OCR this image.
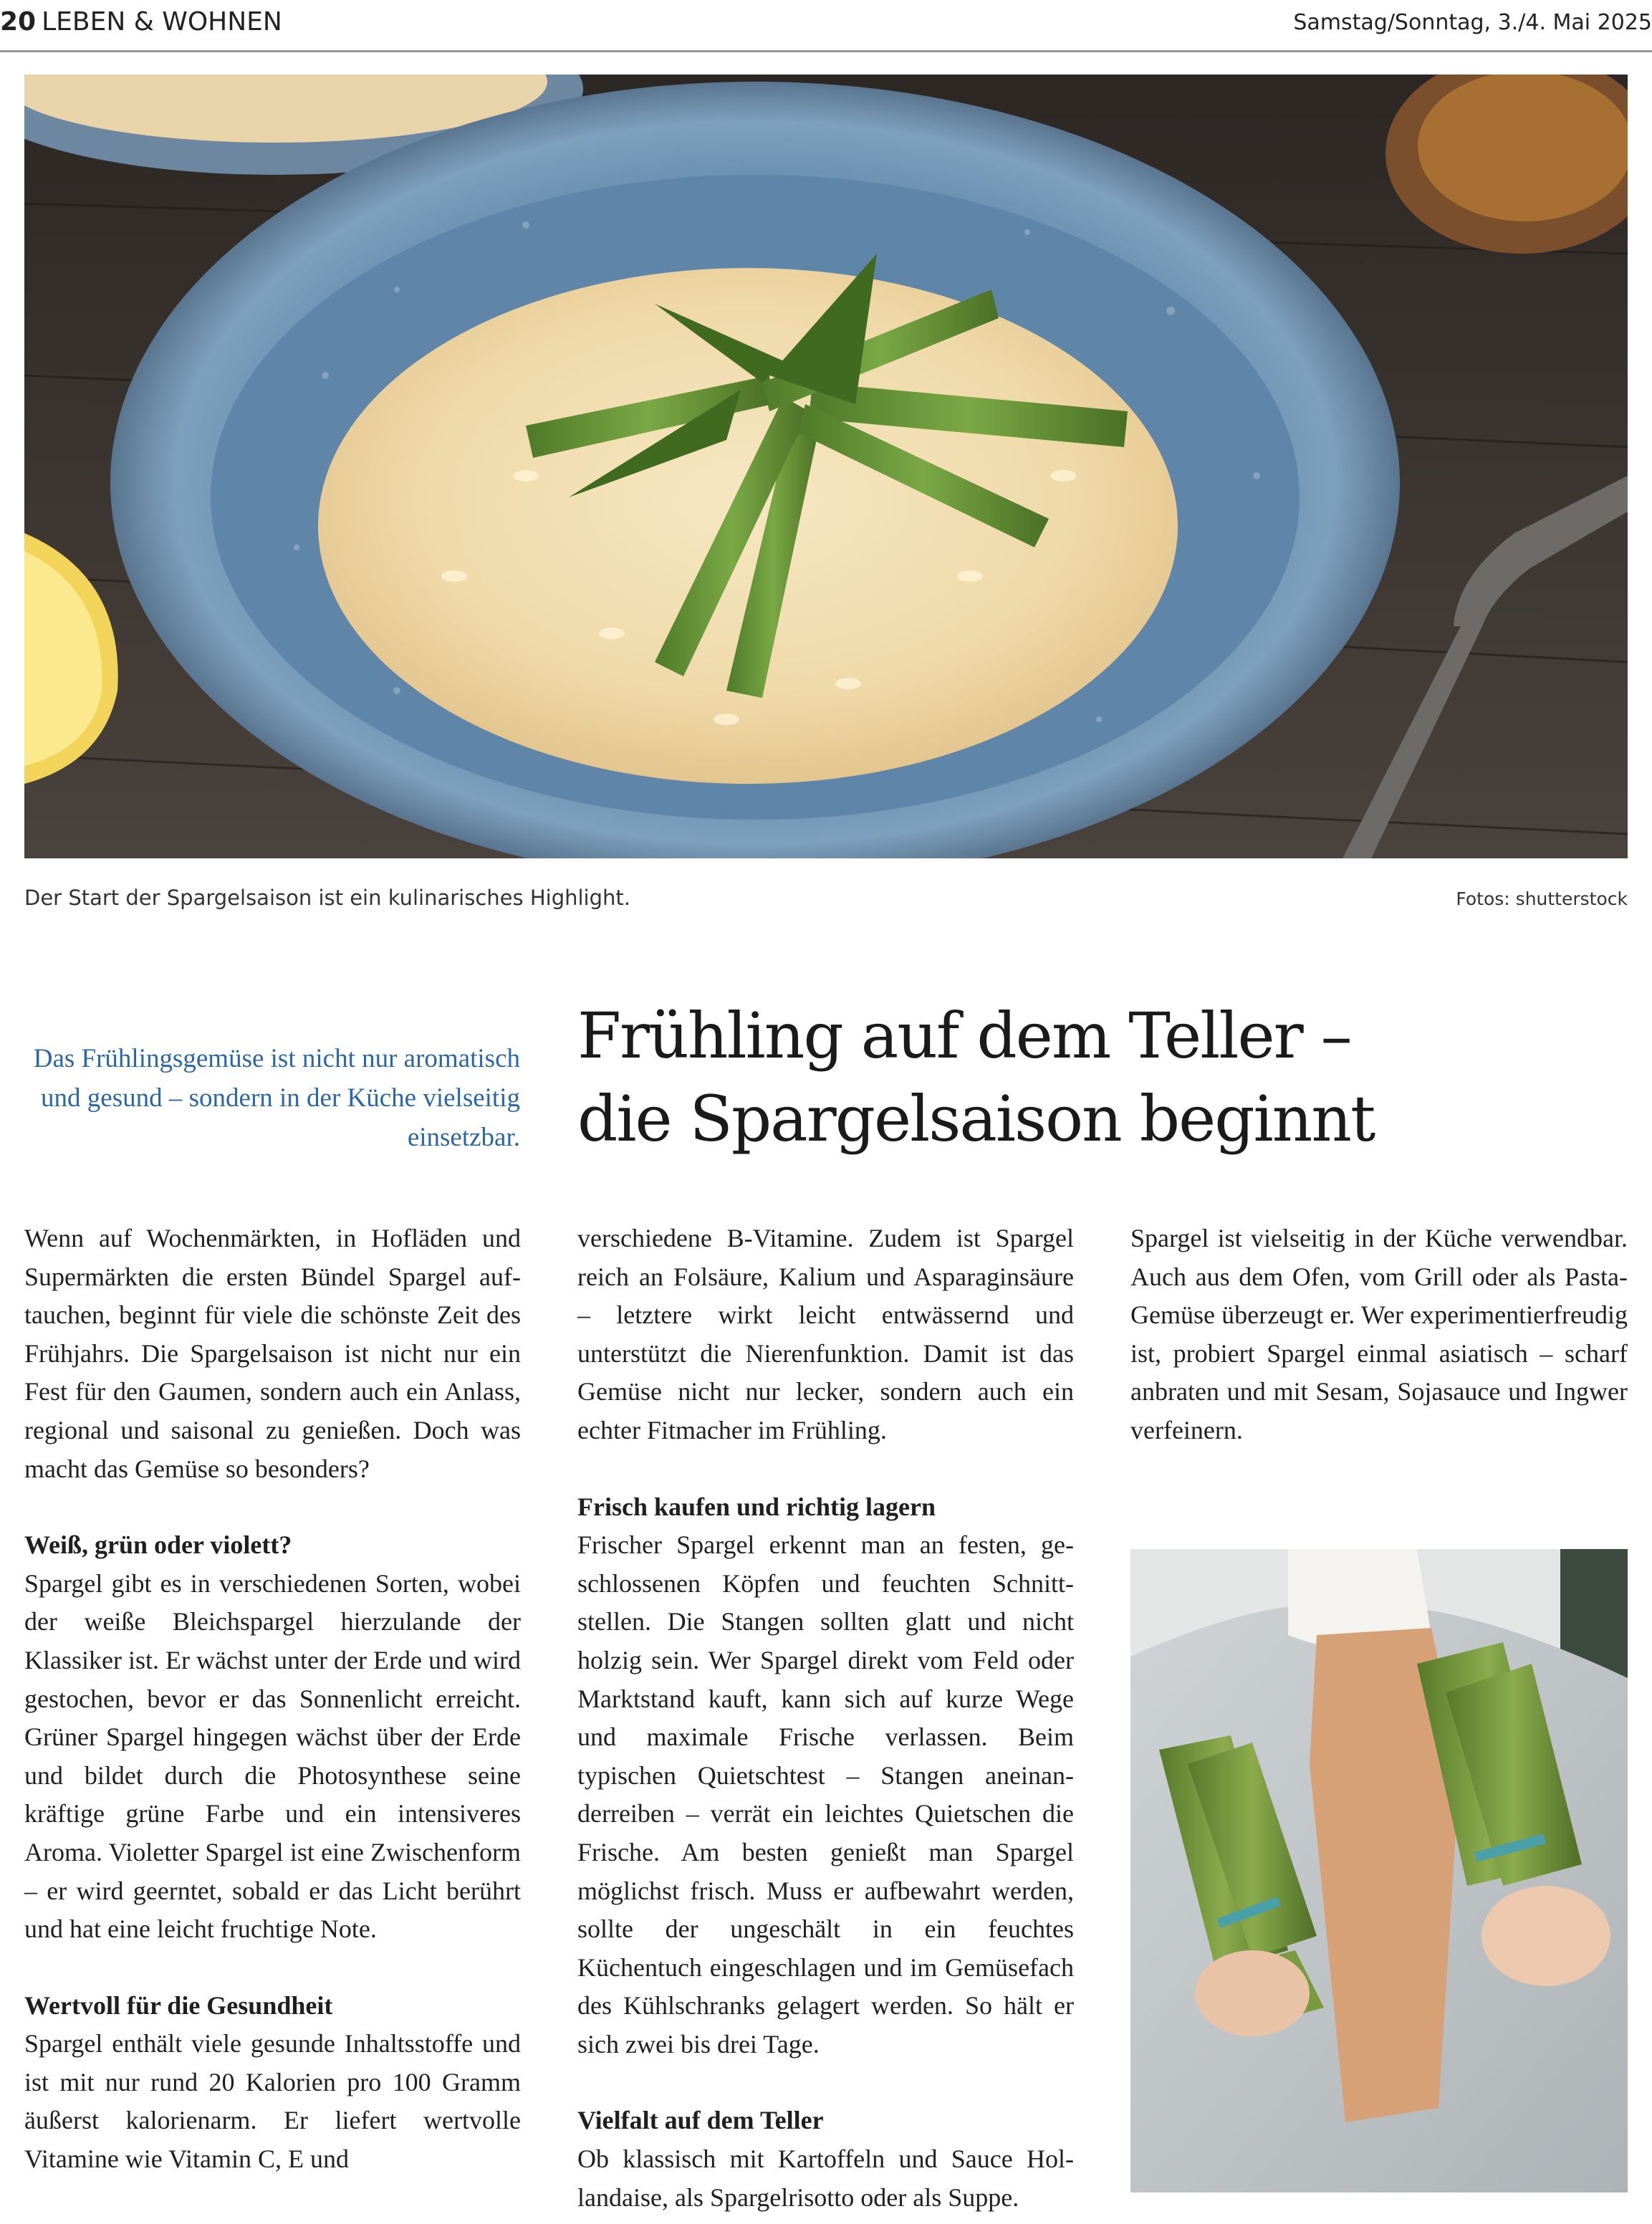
20 LEBEN & WOHNEN	Samstag/Sonntag, 3./4. Mai 2025
Der Start der Spargelsaison ist ein kulinarisches Highlight.	Fotos: shutterstock
Das Frühlingsgemüse ist nicht nur aromatisch und gesund – sondern in der Küche vielseitig einsetzbar.
Frühling auf dem Teller –
die Spargelsaison beginnt

Wenn auf Wochenmärkten, in Hofläden und Supermärkten die ersten Bündel Spargel auftauchen, beginnt für viele die schönste Zeit des Frühjahrs. Die Spargelsaison ist nicht nur ein Fest für den Gaumen, sondern auch ein Anlass, regional und saisonal zu genießen. Doch was macht das Gemüse so besonders?

Weiß, grün oder violett?

Spargel gibt es in verschiedenen Sorten, wobei der weiße Bleichspargel hierzulande der Klassiker ist. Er wächst unter der Erde und wird gestochen, bevor er das Sonnenlicht erreicht. Grüner Spargel hingegen wächst über der Erde und bildet durch die Photosynthese seine kräftige grüne Farbe und ein intensiveres Aroma. Violetter Spargel ist eine Zwischenform – er wird geerntet, sobald er das Licht berührt und hat eine leicht fruchtige Note.

Wertvoll für die Gesundheit

Spargel enthält viele gesunde Inhaltsstoffe und ist mit nur rund 20 Kalorien pro 100 Gramm äußerst kalorienarm. Er liefert wertvolle Vitamine wie Vitamin C, E und

verschiedene B-Vitamine. Zudem ist Spargel reich an Folsäure, Kalium und Asparaginsäure – letztere wirkt leicht entwässernd und unterstützt die Nierenfunktion. Damit ist das Gemüse nicht nur lecker, sondern auch ein echter Fitmacher im Frühling.

Frisch kaufen und richtig lagern

Frischer Spargel erkennt man an festen, geschlossenen Köpfen und feuchten Schnittstellen. Die Stangen sollten glatt und nicht holzig sein. Wer Spargel direkt vom Feld oder Marktstand kauft, kann sich auf kurze Wege und maximale Frische verlassen. Beim typischen Quietschtest – Stangen aneinanderreiben – verrät ein leichtes Quietschen die Frische. Am besten genießt man Spargel möglichst frisch. Muss er aufbewahrt werden, sollte der ungeschält in ein feuchtes Küchentuch eingeschlagen und im Gemüsefach des Kühlschranks gelagert werden. So hält er sich zwei bis drei Tage.

Vielfalt auf dem Teller

Ob klassisch mit Kartoffeln und Sauce Hollandaise, als Spargelrisotto oder als Suppe.

Spargel ist vielseitig in der Küche verwendbar. Auch aus dem Ofen, vom Grill oder als Pasta-Gemüse überzeugt er. Wer experimentierfreudig ist, probiert Spargel einmal asiatisch – scharf anbraten und mit Sesam, Sojasauce und Ingwer verfeinern.
